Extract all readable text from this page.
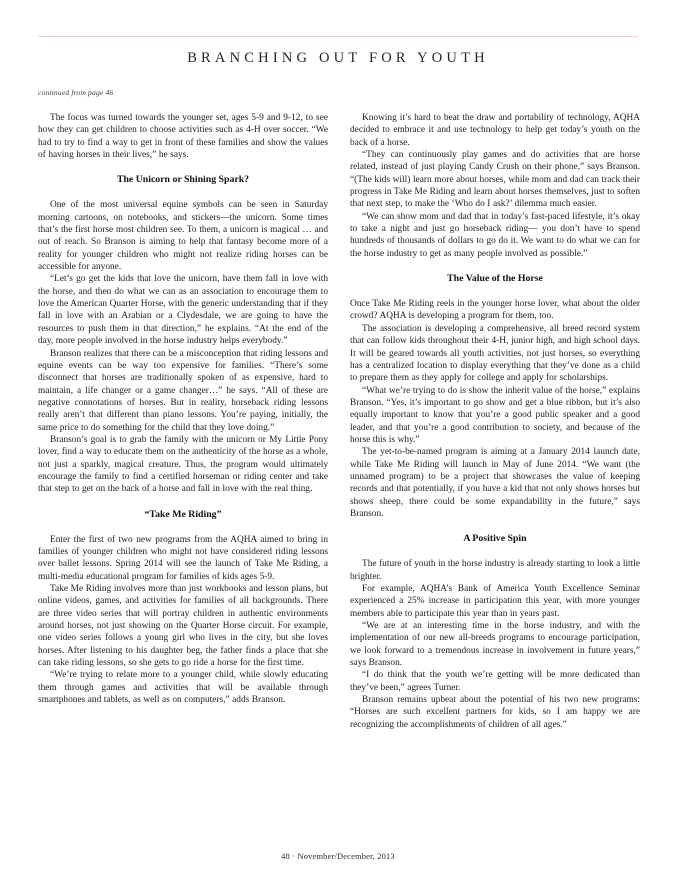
BRANCHING OUT FOR YOUTH
continued from page 46

The focus was turned towards the younger set, ages 5-9 and 9-12, to see how they can get children to choose activities such as 4-H over soccer. “We had to try to find a way to get in front of these families and show the values of having horses in their lives,” he says.

The Unicorn or Shining Spark?

One of the most universal equine symbols can be seen in Saturday morning cartoons, on notebooks, and stickers—the unicorn. Some times that’s the first horse most children see. To them, a unicorn is magical … and out of reach. So Branson is aiming to help that fantasy become more of a reality for younger children who might not realize riding horses can be accessible for anyone.

“Let’s go get the kids that love the unicorn, have them fall in love with the horse, and then do what we can as an association to encourage them to love the American Quarter Horse, with the generic understanding that if they fall in love with an Arabian or a Clydesdale, we are going to have the resources to push them in that direction,” he explains. “At the end of the day, more people involved in the horse industry helps everybody.”

Branson realizes that there can be a misconception that riding lessons and equine events can be way too expensive for families. “There’s some disconnect that horses are traditionally spoken of as expensive, hard to maintain, a life changer or a game changer…” he says. “All of these are negative connotations of horses. But in reality, horseback riding lessons really aren’t that different than piano lessons. You’re paying, initially, the same price to do something for the child that they love doing.”

Branson’s goal is to grab the family with the unicorn or My Little Pony lover, find a way to educate them on the authenticity of the horse as a whole, not just a sparkly, magical creature. Thus, the program would ultimately encourage the family to find a certified horseman or riding center and take that step to get on the back of a horse and fall in love with the real thing.

“Take Me Riding”

Enter the first of two new programs from the AQHA aimed to bring in families of younger children who might not have considered riding lessons over ballet lessons. Spring 2014 will see the launch of Take Me Riding, a multi-media educational program for families of kids ages 5-9.

Take Me Riding involves more than just workbooks and lesson plans, but online videos, games, and activities for families of all backgrounds. There are three video series that will portray children in authentic environments around horses, not just showing on the Quarter Horse circuit. For example, one video series follows a young girl who lives in the city, but she loves horses. After listening to his daughter beg, the father finds a place that she can take riding lessons, so she gets to go ride a horse for the first time.

“We’re trying to relate more to a younger child, while slowly educating them through games and activities that will be available through smartphones and tablets, as well as on computers,” adds Branson.

Knowing it’s hard to beat the draw and portability of technology, AQHA decided to embrace it and use technology to help get today’s youth on the back of a horse.

“They can continuously play games and do activities that are horse related, instead of just playing Candy Crush on their phone,” says Branson. “(The kids will) learn more about horses, while mom and dad can track their progress in Take Me Riding and learn about horses themselves, just to soften that next step, to make the ‘Who do I ask?’ dilemma much easier.

“We can show mom and dad that in today’s fast-paced lifestyle, it’s okay to take a night and just go horseback riding— you don’t have to spend hundreds of thousands of dollars to go do it. We want to do what we can for the horse industry to get as many people involved as possible.”

The Value of the Horse

Once Take Me Riding reels in the younger horse lover, what about the older crowd? AQHA is developing a program for them, too.

The association is developing a comprehensive, all breed record system that can follow kids throughout their 4-H, junior high, and high school days. It will be geared towards all youth activities, not just horses, so everything has a centralized location to display everything that they’ve done as a child to prepare them as they apply for college and apply for scholarships.

“What we’re trying to do is show the inherit value of the horse,” explains Branson. “Yes, it’s important to go show and get a blue ribbon, but it’s also equally important to know that you’re a good public speaker and a good leader, and that you’re a good contribution to society, and because of the horse this is why.”

The yet-to-be-named program is aiming at a January 2014 launch date, while Take Me Riding will launch in May of June 2014. “We want (the unnamed program) to be a project that showcases the value of keeping records and that potentially, if you have a kid that not only shows horses but shows sheep, there could be some expandability in the future,” says Branson.

A Positive Spin

The future of youth in the horse industry is already starting to look a little brighter.

For example, AQHA’s Bank of America Youth Excellence Seminar experienced a 25% increase in participation this year, with more younger members able to participate this year than in years past.

“We are at an interesting time in the horse industry, and with the implementation of our new all-breeds programs to encourage participation, we look forward to a tremendous increase in involvement in future years,” says Branson.

“I do think that the youth we’re getting will be more dedicated than they’ve been,” agrees Turner.

Branson remains upbeat about the potential of his two new programs: “Horses are such excellent partners for kids, so I am happy we are recognizing the accomplishments of children of all ages.”

48 · November/December, 2013
